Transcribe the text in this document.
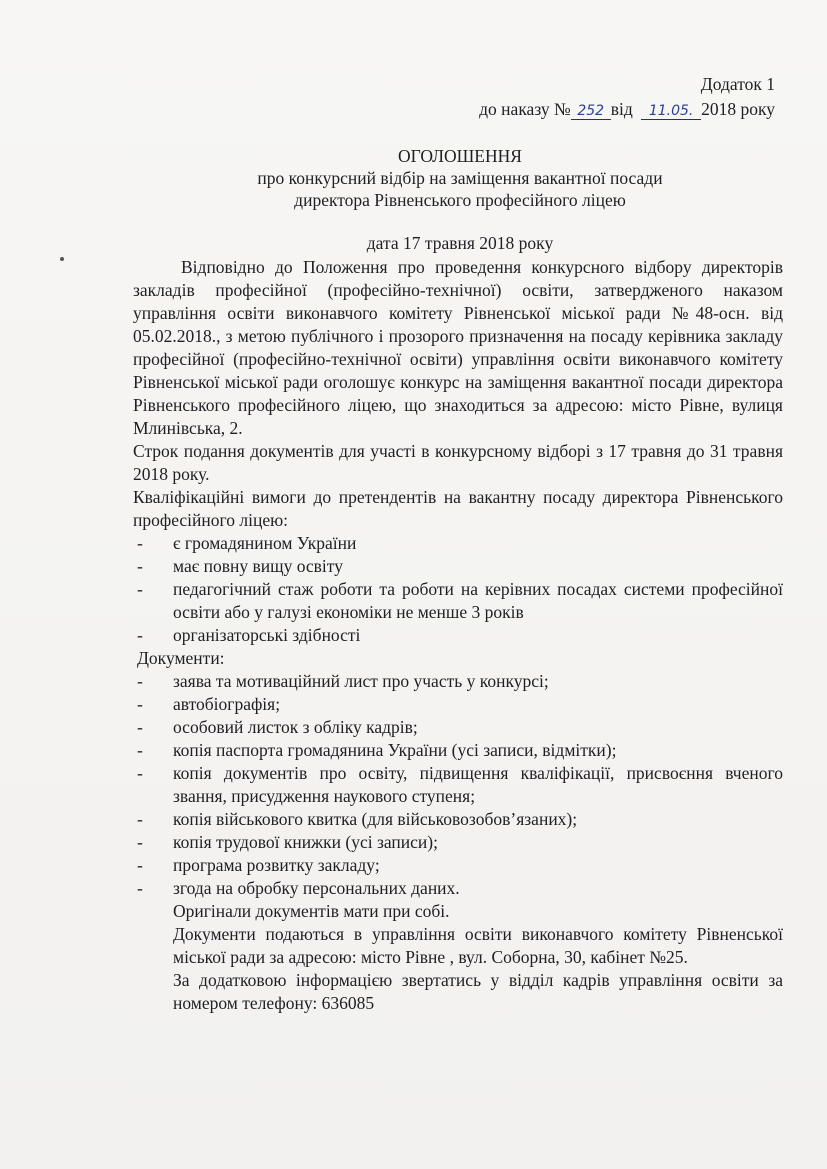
Додаток 1
до наказу № 252 від 11.05. 2018 року
ОГОЛОШЕННЯ
про конкурсний відбір на заміщення вакантної посади
директора Рівненського професійного ліцею
дата 17 травня 2018 року

Відповідно до Положення про проведення конкурсного відбору директорів закладів професійної (професійно-технічної) освіти, затвердженого наказом управління освіти виконавчого комітету Рівненської міської ради №48-осн. від 05.02.2018., з метою публічного і прозорого призначення на посаду керівника закладу професійної (професійно-технічної освіти) управління освіти виконавчого комітету Рівненської міської ради оголошує конкурс на заміщення вакантної посади директора Рівненського професійного ліцею, що знаходиться за адресою: місто Рівне, вулиця Млинівська, 2.

Строк подання документів для участі в конкурсному відборі з 17 травня до 31 травня 2018 року.

Кваліфікаційні вимоги до претендентів на вакантну посаду директора Рівненського професійного ліцею:

- є громадянином України
- має повну вищу освіту
- педагогічний стаж роботи та роботи на керівних посадах системи професійної освіти або у галузі економіки не менше 3 років
- організаторські здібності

Документи:

- заява та мотиваційний лист про участь у конкурсі;
- автобіографія;
- особовий листок з обліку кадрів;
- копія паспорта громадянина України (усі записи, відмітки);
- копія документів про освіту, підвищення кваліфікації, присвоєння вченого звання, присудження наукового ступеня;
- копія військового квитка (для військовозобов’язаних);
- копія трудової книжки (усі записи);
- програма розвитку закладу;
- згода на обробку персональних даних.

Оригінали документів мати при собі.

Документи подаються в управління освіти виконавчого комітету Рівненської міської ради за адресою: місто Рівне , вул. Соборна, 30, кабінет №25.

За додатковою інформацією звертатись у відділ кадрів управління освіти за номером телефону: 636085
